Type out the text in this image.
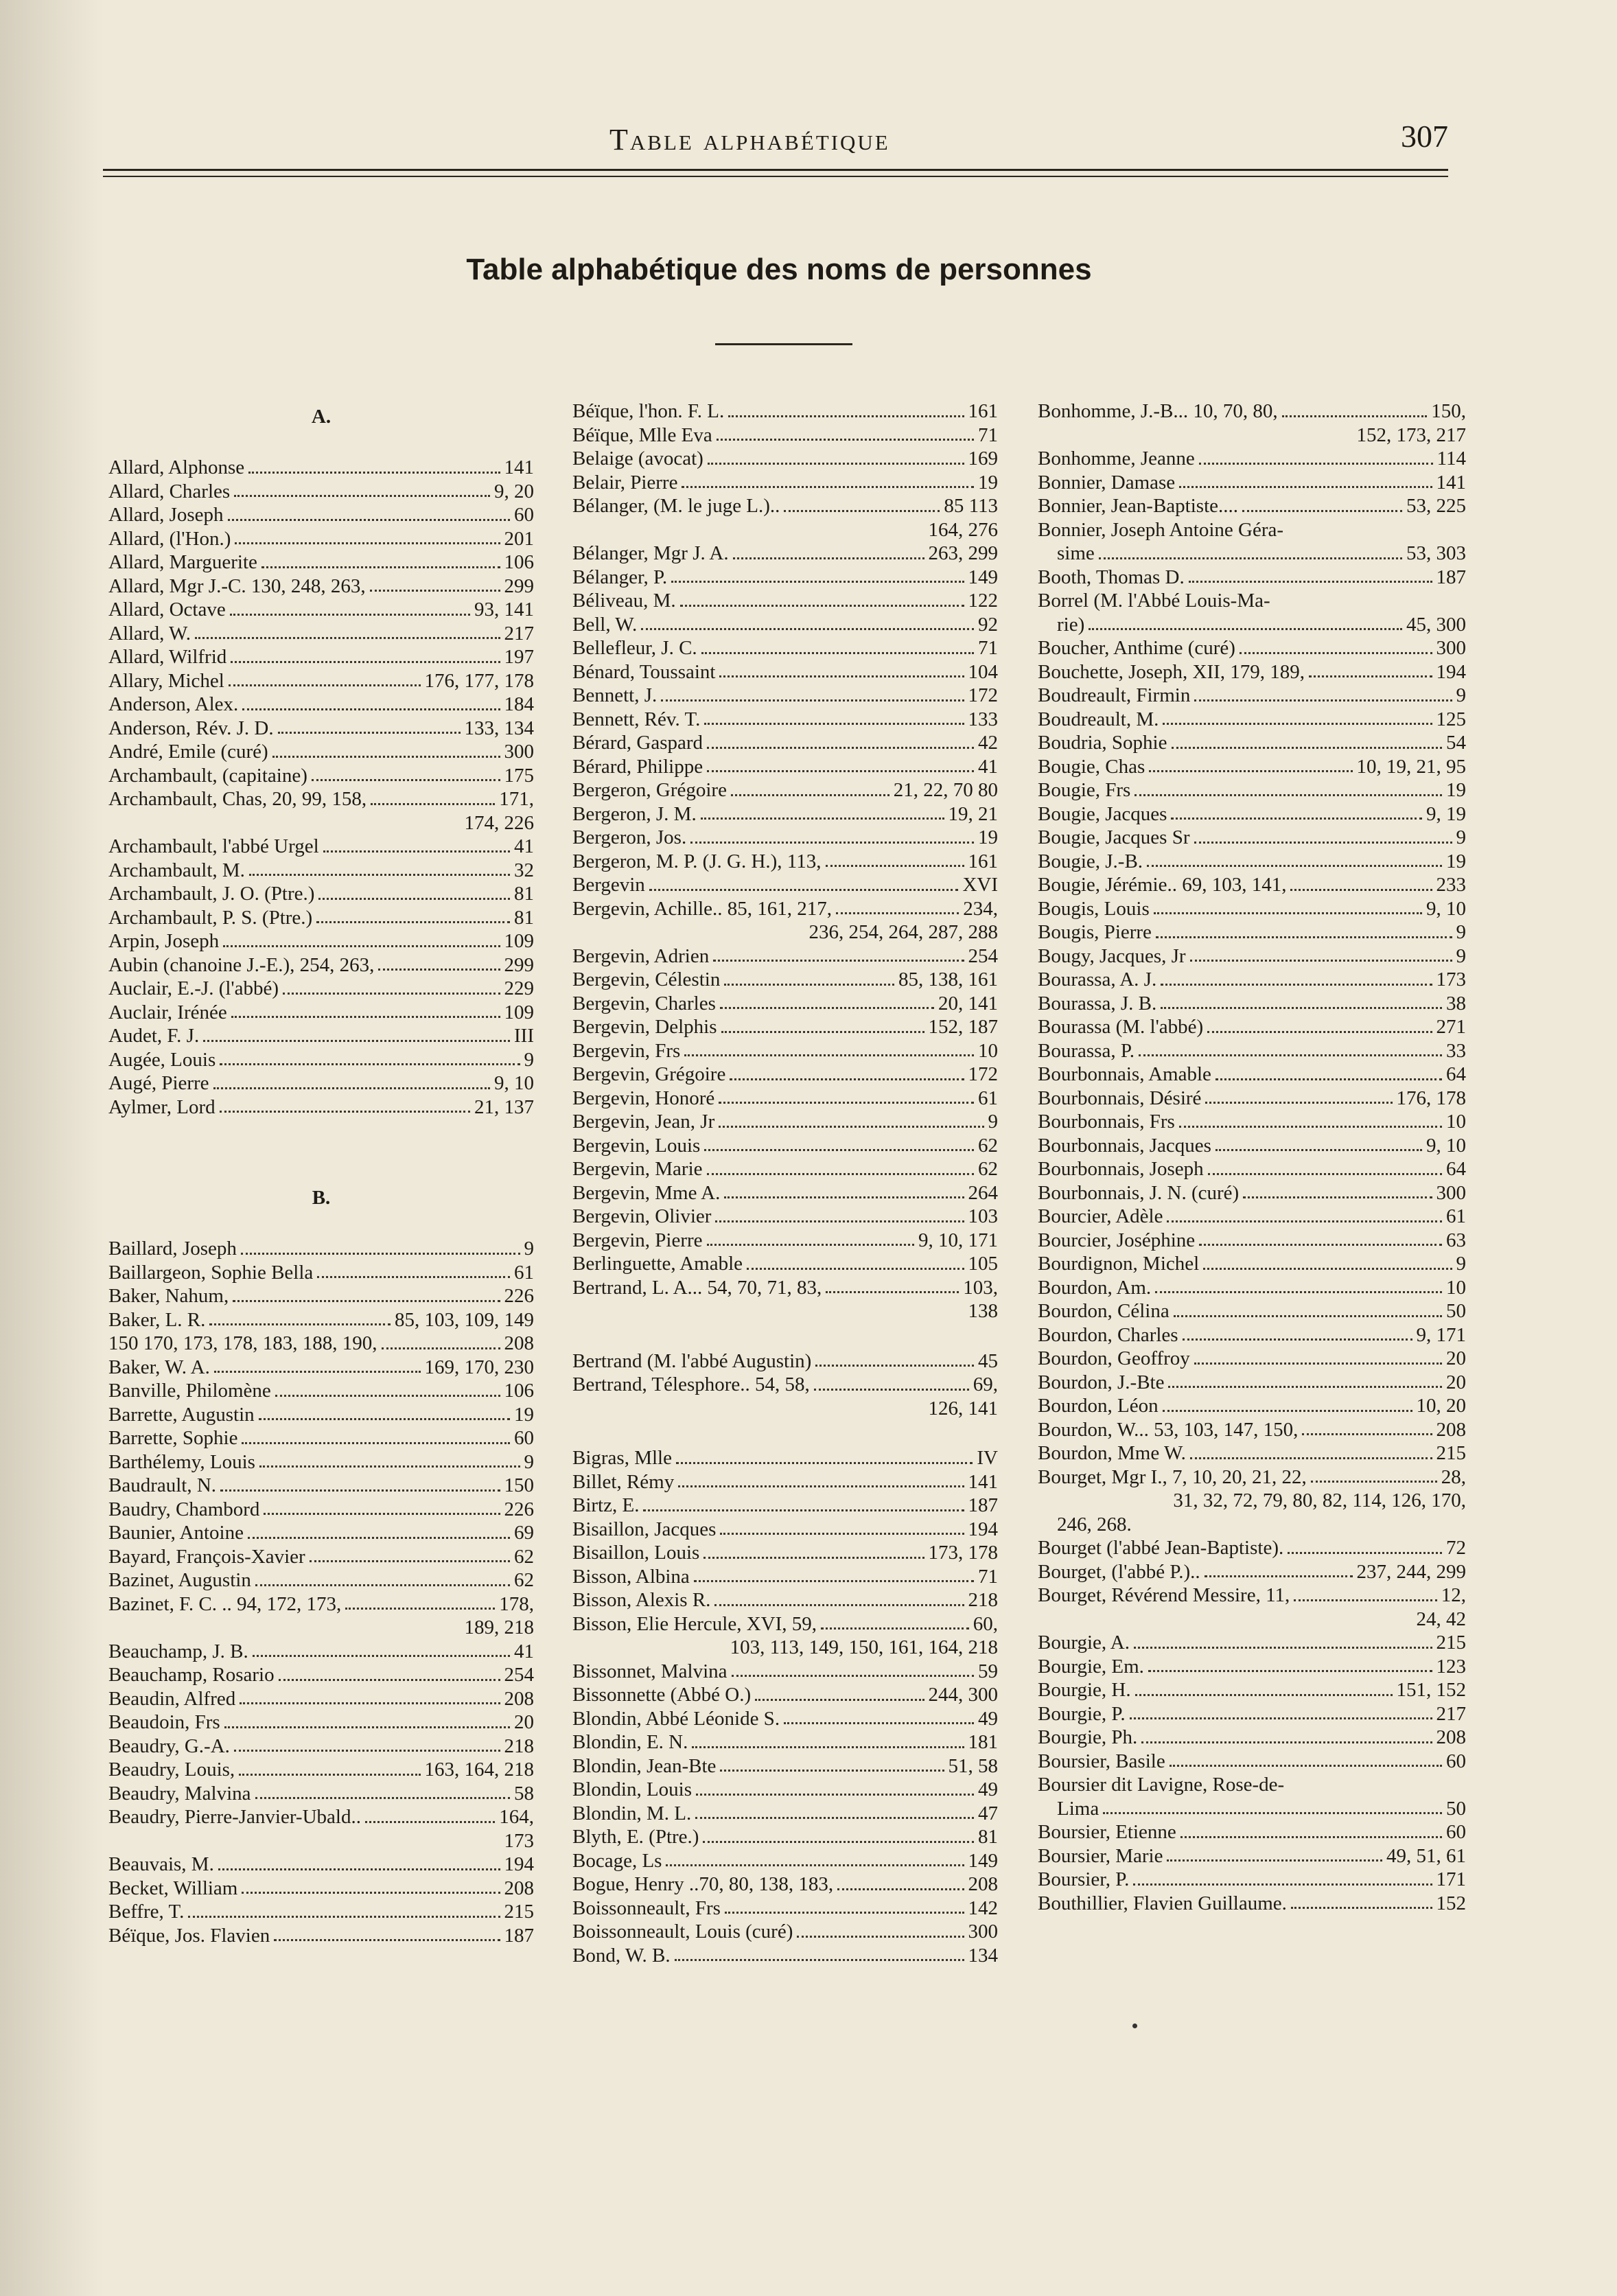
Table alphabétique	307
Table alphabétique des noms de personnes
A.
Allard, Alphonse	141
Allard, Charles	9, 20
Allard, Joseph	60
Allard, (l'Hon.)	201
Allard, Marguerite	106
Allard, Mgr J.-C. 130, 248, 263,	299
Allard, Octave	93, 141
Allard, W.	217
Allard, Wilfrid	197
Allary, Michel	176, 177, 178
Anderson, Alex.	184
Anderson, Rév. J. D.	133, 134
André, Emile (curé)	300
Archambault, (capitaine)	175
Archambault, Chas, 20, 99, 158,	171,
174, 226
Archambault, l'abbé Urgel	41
Archambault, M.	32
Archambault, J. O. (Ptre.)	81
Archambault, P. S. (Ptre.)	81
Arpin, Joseph	109
Aubin (chanoine J.-E.), 254, 263,	299
Auclair, E.-J. (l'abbé)	229
Auclair, Irénée	109
Audet, F. J.	III
Augée, Louis	9
Augé, Pierre	9, 10
Aylmer, Lord	21, 137
B.
Baillard, Joseph	9
Baillargeon, Sophie Bella	61
Baker, Nahum,	226
Baker, L. R.	85, 103, 109, 149
150 170, 173, 178, 183, 188, 190,	208
Baker, W. A.	169, 170, 230
Banville, Philomène	106
Barrette, Augustin	19
Barrette, Sophie	60
Barthélemy, Louis	9
Baudrault, N.	150
Baudry, Chambord	226
Baunier, Antoine	69
Bayard, François-Xavier	62
Bazinet, Augustin	62
Bazinet, F. C. .. 94, 172, 173,	178,
189, 218
Beauchamp, J. B.	41
Beauchamp, Rosario	254
Beaudin, Alfred	208
Beaudoin, Frs	20
Beaudry, G.-A.	218
Beaudry, Louis,	163, 164, 218
Beaudry, Malvina	58
Beaudry, Pierre-Janvier-Ubald..	164,
173
Beauvais, M.	194
Becket, William	208
Beffre, T.	215
Béïque, Jos. Flavien	187
Béïque, l'hon. F. L.	161
Béïque, Mlle Eva	71
Belaige (avocat)	169
Belair, Pierre	19
Bélanger, (M. le juge L.)..	85 113
164, 276
Bélanger, Mgr J. A.	263, 299
Bélanger, P.	149
Béliveau, M.	122
Bell, W.	92
Bellefleur, J. C.	71
Bénard, Toussaint	104
Bennett, J.	172
Bennett, Rév. T.	133
Bérard, Gaspard	42
Bérard, Philippe	41
Bergeron, Grégoire	21, 22, 70 80
Bergeron, J. M.	19, 21
Bergeron, Jos.	19
Bergeron, M. P. (J. G. H.), 113,	161
Bergevin	XVI
Bergevin, Achille.. 85, 161, 217,	234,
236, 254, 264, 287, 288
Bergevin, Adrien	254
Bergevin, Célestin	85, 138, 161
Bergevin, Charles	20, 141
Bergevin, Delphis	152, 187
Bergevin, Frs	10
Bergevin, Grégoire	172
Bergevin, Honoré	61
Bergevin, Jean, Jr	9
Bergevin, Louis	62
Bergevin, Marie	62
Bergevin, Mme A.	264
Bergevin, Olivier	103
Bergevin, Pierre	9, 10, 171
Berlinguette, Amable	105
Bertrand, L. A... 54, 70, 71, 83,	103,
138
Bertrand (M. l'abbé Augustin)	45
Bertrand, Télesphore.. 54, 58,	69,
126, 141
Bigras, Mlle	IV
Billet, Rémy	141
Birtz, E.	187
Bisaillon, Jacques	194
Bisaillon, Louis	173, 178
Bisson, Albina	71
Bisson, Alexis R.	218
Bisson, Elie Hercule, XVI, 59,	60,
103, 113, 149, 150, 161, 164, 218
Bissonnet, Malvina	59
Bissonnette (Abbé O.)	244, 300
Blondin, Abbé Léonide S.	49
Blondin, E. N.	181
Blondin, Jean-Bte	51, 58
Blondin, Louis	49
Blondin, M. L.	47
Blyth, E. (Ptre.)	81
Bocage, Ls	149
Bogue, Henry ..70, 80, 138, 183,	208
Boissonneault, Frs	142
Boissonneault, Louis (curé)	300
Bond, W. B.	134
Bonhomme, J.-B... 10, 70, 80,	150,
152, 173, 217
Bonhomme, Jeanne	114
Bonnier, Damase	141
Bonnier, Jean-Baptiste....	53, 225
Bonnier, Joseph Antoine Géra-
sime	53, 303
Booth, Thomas D.	187
Borrel (M. l'Abbé Louis-Ma-
rie)	45, 300
Boucher, Anthime (curé)	300
Bouchette, Joseph, XII, 179, 189,	194
Boudreault, Firmin	9
Boudreault, M.	125
Boudria, Sophie	54
Bougie, Chas	10, 19, 21, 95
Bougie, Frs	19
Bougie, Jacques	9, 19
Bougie, Jacques Sr	9
Bougie, J.-B.	19
Bougie, Jérémie.. 69, 103, 141,	233
Bougis, Louis	9, 10
Bougis, Pierre	9
Bougy, Jacques, Jr	9
Bourassa, A. J.	173
Bourassa, J. B.	38
Bourassa (M. l'abbé)	271
Bourassa, P.	33
Bourbonnais, Amable	64
Bourbonnais, Désiré	176, 178
Bourbonnais, Frs	10
Bourbonnais, Jacques	9, 10
Bourbonnais, Joseph	64
Bourbonnais, J. N. (curé)	300
Bourcier, Adèle	61
Bourcier, Joséphine	63
Bourdignon, Michel	9
Bourdon, Am.	10
Bourdon, Célina	50
Bourdon, Charles	9, 171
Bourdon, Geoffroy	20
Bourdon, J.-Bte	20
Bourdon, Léon	10, 20
Bourdon, W... 53, 103, 147, 150,	208
Bourdon, Mme W.	215
Bourget, Mgr I., 7, 10, 20, 21, 22,	28,
31, 32, 72, 79, 80, 82, 114, 126, 170,
246, 268.
Bourget (l'abbé Jean-Baptiste).	72
Bourget, (l'abbé P.)..	237, 244, 299
Bourget, Révérend Messire, 11,	12,
24, 42
Bourgie, A.	215
Bourgie, Em.	123
Bourgie, H.	151, 152
Bourgie, P.	217
Bourgie, Ph.	208
Boursier, Basile	60
Boursier dit Lavigne, Rose-de-
Lima	50
Boursier, Etienne	60
Boursier, Marie	49, 51, 61
Boursier, P.	171
Bouthillier, Flavien Guillaume.	152
